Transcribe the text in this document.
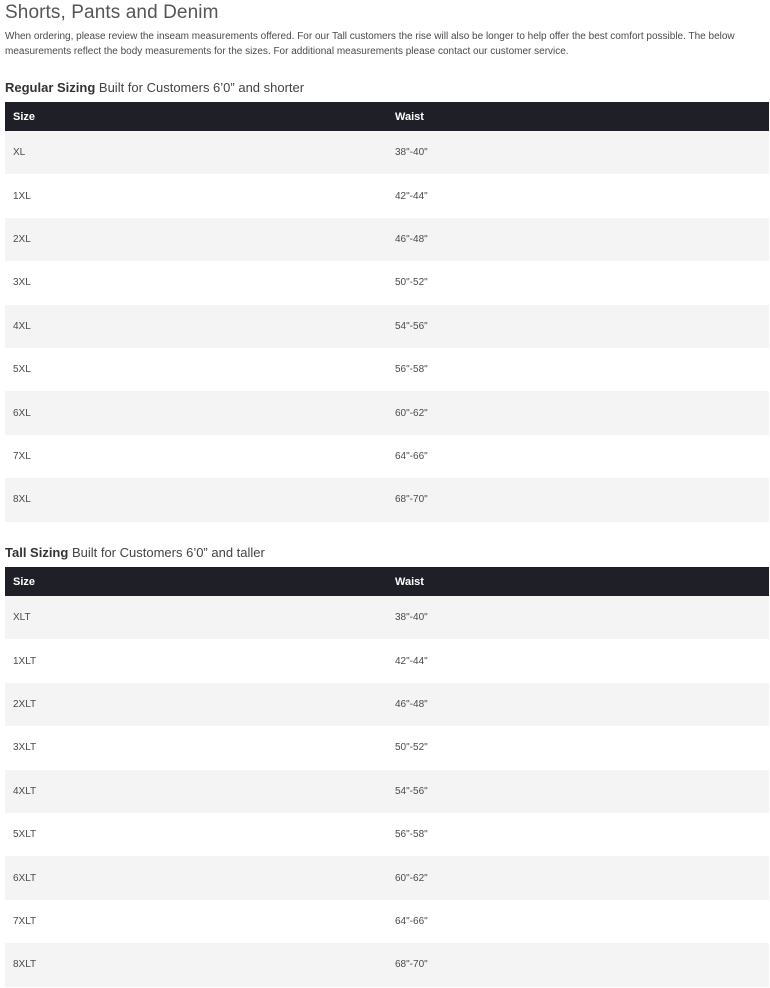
Shorts, Pants and Denim

When ordering, please review the inseam measurements offered. For our Tall customers the rise will also be longer to help offer the best comfort possible. The below measurements reflect the body measurements for the sizes. For additional measurements please contact our customer service.

Regular Sizing Built for Customers 6’0” and shorter
Size	Waist
XL	38"-40"
1XL	42"-44"
2XL	46"-48"
3XL	50"-52"
4XL	54"-56"
5XL	56"-58"
6XL	60"-62"
7XL	64"-66"
8XL	68"-70"
Tall Sizing Built for Customers 6’0” and taller
Size	Waist
XLT	38"-40"
1XLT	42"-44"
2XLT	46"-48"
3XLT	50"-52"
4XLT	54"-56"
5XLT	56"-58"
6XLT	60"-62"
7XLT	64"-66"
8XLT	68"-70"
